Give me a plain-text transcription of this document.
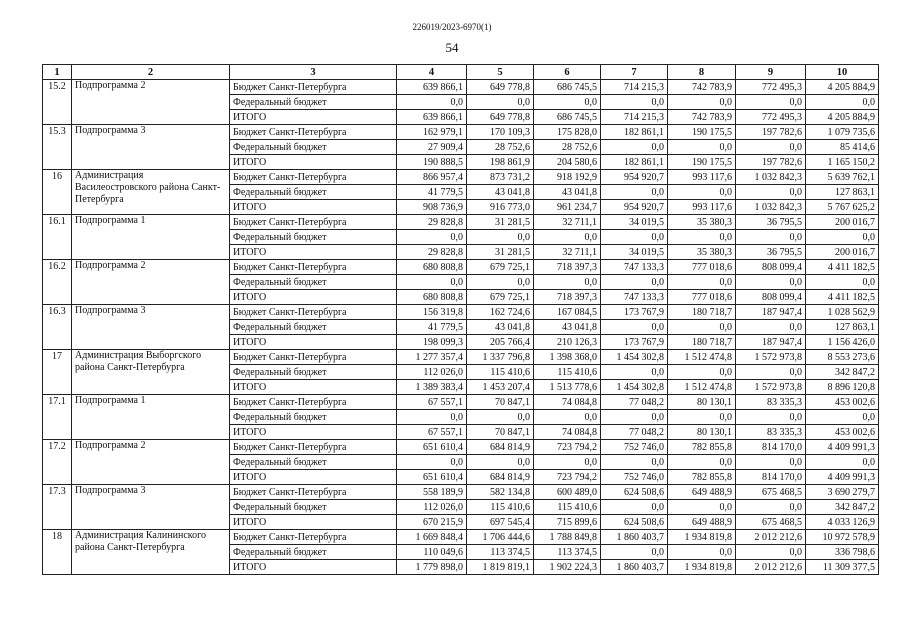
226019/2023-6970(1)
54
1	2	3	4	5	6	7	8	9	10
15.2	Подпрограмма 2	Бюджет Санкт-Петербурга	639 866,1	649 778,8	686 745,5	714 215,3	742 783,9	772 495,3	4 205 884,9
		Федеральный бюджет	0,0	0,0	0,0	0,0	0,0	0,0	0,0
		ИТОГО	639 866,1	649 778,8	686 745,5	714 215,3	742 783,9	772 495,3	4 205 884,9
15.3	Подпрограмма 3	Бюджет Санкт-Петербурга	162 979,1	170 109,3	175 828,0	182 861,1	190 175,5	197 782,6	1 079 735,6
		Федеральный бюджет	27 909,4	28 752,6	28 752,6	0,0	0,0	0,0	85 414,6
		ИТОГО	190 888,5	198 861,9	204 580,6	182 861,1	190 175,5	197 782,6	1 165 150,2
16	Администрация Василеостровского района Санкт-Петербурга	Бюджет Санкт-Петербурга	866 957,4	873 731,2	918 192,9	954 920,7	993 117,6	1 032 842,3	5 639 762,1
		Федеральный бюджет	41 779,5	43 041,8	43 041,8	0,0	0,0	0,0	127 863,1
		ИТОГО	908 736,9	916 773,0	961 234,7	954 920,7	993 117,6	1 032 842,3	5 767 625,2
16.1	Подпрограмма 1	Бюджет Санкт-Петербурга	29 828,8	31 281,5	32 711,1	34 019,5	35 380,3	36 795,5	200 016,7
		Федеральный бюджет	0,0	0,0	0,0	0,0	0,0	0,0	0,0
		ИТОГО	29 828,8	31 281,5	32 711,1	34 019,5	35 380,3	36 795,5	200 016,7
16.2	Подпрограмма 2	Бюджет Санкт-Петербурга	680 808,8	679 725,1	718 397,3	747 133,3	777 018,6	808 099,4	4 411 182,5
		Федеральный бюджет	0,0	0,0	0,0	0,0	0,0	0,0	0,0
		ИТОГО	680 808,8	679 725,1	718 397,3	747 133,3	777 018,6	808 099,4	4 411 182,5
16.3	Подпрограмма 3	Бюджет Санкт-Петербурга	156 319,8	162 724,6	167 084,5	173 767,9	180 718,7	187 947,4	1 028 562,9
		Федеральный бюджет	41 779,5	43 041,8	43 041,8	0,0	0,0	0,0	127 863,1
		ИТОГО	198 099,3	205 766,4	210 126,3	173 767,9	180 718,7	187 947,4	1 156 426,0
17	Администрация Выборгского района Санкт-Петербурга	Бюджет Санкт-Петербурга	1 277 357,4	1 337 796,8	1 398 368,0	1 454 302,8	1 512 474,8	1 572 973,8	8 553 273,6
		Федеральный бюджет	112 026,0	115 410,6	115 410,6	0,0	0,0	0,0	342 847,2
		ИТОГО	1 389 383,4	1 453 207,4	1 513 778,6	1 454 302,8	1 512 474,8	1 572 973,8	8 896 120,8
17.1	Подпрограмма 1	Бюджет Санкт-Петербурга	67 557,1	70 847,1	74 084,8	77 048,2	80 130,1	83 335,3	453 002,6
		Федеральный бюджет	0,0	0,0	0,0	0,0	0,0	0,0	0,0
		ИТОГО	67 557,1	70 847,1	74 084,8	77 048,2	80 130,1	83 335,3	453 002,6
17.2	Подпрограмма 2	Бюджет Санкт-Петербурга	651 610,4	684 814,9	723 794,2	752 746,0	782 855,8	814 170,0	4 409 991,3
		Федеральный бюджет	0,0	0,0	0,0	0,0	0,0	0,0	0,0
		ИТОГО	651 610,4	684 814,9	723 794,2	752 746,0	782 855,8	814 170,0	4 409 991,3
17.3	Подпрограмма 3	Бюджет Санкт-Петербурга	558 189,9	582 134,8	600 489,0	624 508,6	649 488,9	675 468,5	3 690 279,7
		Федеральный бюджет	112 026,0	115 410,6	115 410,6	0,0	0,0	0,0	342 847,2
		ИТОГО	670 215,9	697 545,4	715 899,6	624 508,6	649 488,9	675 468,5	4 033 126,9
18	Администрация Калининского района Санкт-Петербурга	Бюджет Санкт-Петербурга	1 669 848,4	1 706 444,6	1 788 849,8	1 860 403,7	1 934 819,8	2 012 212,6	10 972 578,9
		Федеральный бюджет	110 049,6	113 374,5	113 374,5	0,0	0,0	0,0	336 798,6
		ИТОГО	1 779 898,0	1 819 819,1	1 902 224,3	1 860 403,7	1 934 819,8	2 012 212,6	11 309 377,5
